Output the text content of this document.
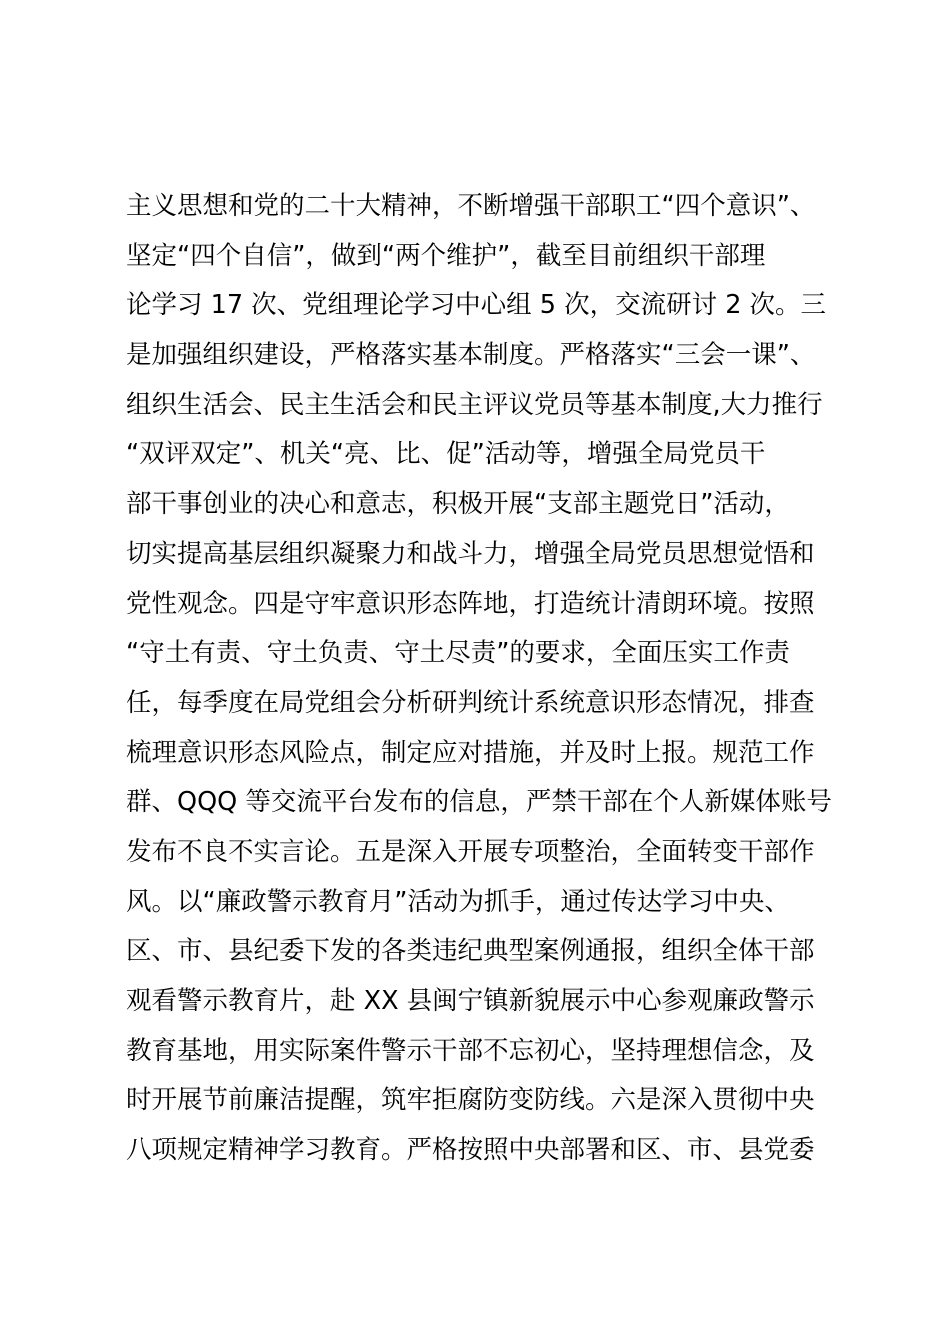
主义思想和党的二十大精神，不断增强干部职工“四个意识”、
坚定“四个自信”，做到“两个维护”，截至目前组织干部理
论学习 17 次、党组理论学习中心组 5 次，交流研讨 2 次。三
是加强组织建设，严格落实基本制度。严格落实“三会一课”、
组织生活会、民主生活会和民主评议党员等基本制度,大力推行
“双评双定”、机关“亮、比、促”活动等，增强全局党员干
部干事创业的决心和意志，积极开展“支部主题党日”活动，
切实提高基层组织凝聚力和战斗力，增强全局党员思想觉悟和
党性观念。四是守牢意识形态阵地，打造统计清朗环境。按照
“守土有责、守土负责、守土尽责”的要求，全面压实工作责
任，每季度在局党组会分析研判统计系统意识形态情况，排查
梳理意识形态风险点，制定应对措施，并及时上报。规范工作
群、QQQ 等交流平台发布的信息，严禁干部在个人新媒体账号
发布不良不实言论。五是深入开展专项整治，全面转变干部作
风。以“廉政警示教育月”活动为抓手，通过传达学习中央、
区、市、县纪委下发的各类违纪典型案例通报，组织全体干部
观看警示教育片，赴 XX 县闽宁镇新貌展示中心参观廉政警示
教育基地，用实际案件警示干部不忘初心，坚持理想信念，及
时开展节前廉洁提醒，筑牢拒腐防变防线。六是深入贯彻中央
八项规定精神学习教育。严格按照中央部署和区、市、县党委
